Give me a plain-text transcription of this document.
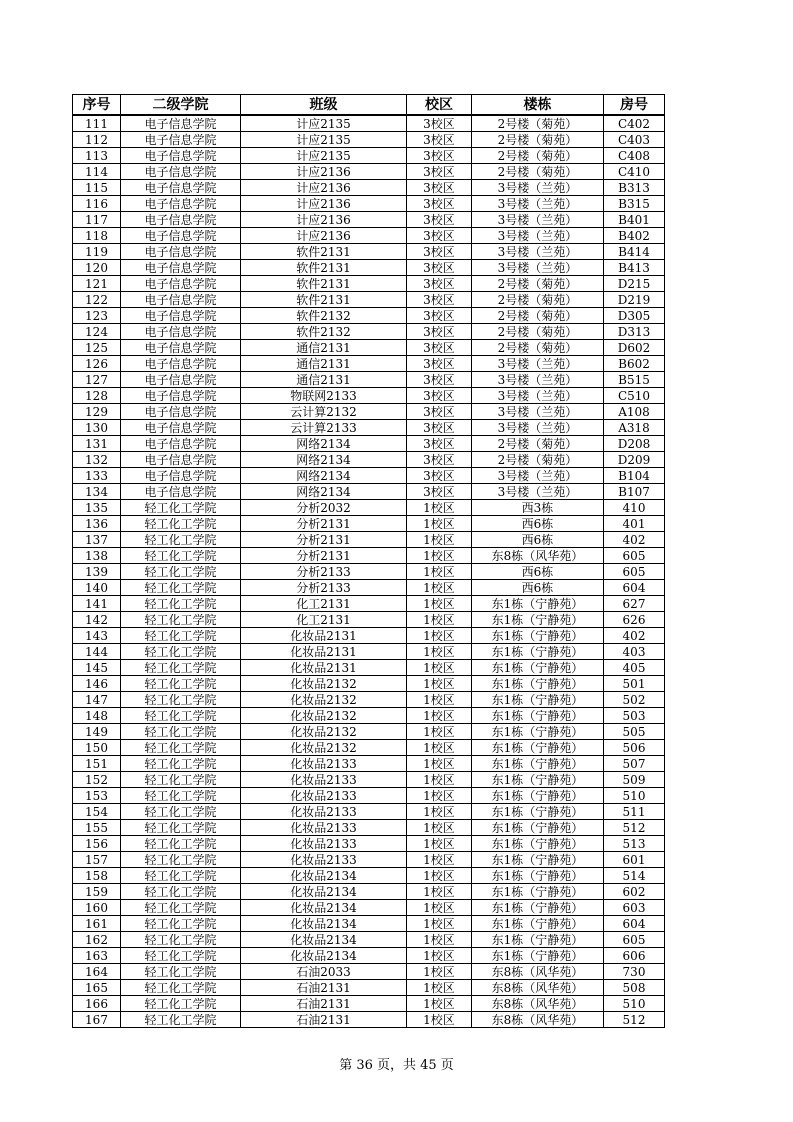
序号	二级学院	班级	校区	楼栋	房号
111	电子信息学院	计应2135	3校区	2号楼（菊苑）	C402
112	电子信息学院	计应2135	3校区	2号楼（菊苑）	C403
113	电子信息学院	计应2135	3校区	2号楼（菊苑）	C408
114	电子信息学院	计应2136	3校区	2号楼（菊苑）	C410
115	电子信息学院	计应2136	3校区	3号楼（兰苑）	B313
116	电子信息学院	计应2136	3校区	3号楼（兰苑）	B315
117	电子信息学院	计应2136	3校区	3号楼（兰苑）	B401
118	电子信息学院	计应2136	3校区	3号楼（兰苑）	B402
119	电子信息学院	软件2131	3校区	3号楼（兰苑）	B414
120	电子信息学院	软件2131	3校区	3号楼（兰苑）	B413
121	电子信息学院	软件2131	3校区	2号楼（菊苑）	D215
122	电子信息学院	软件2131	3校区	2号楼（菊苑）	D219
123	电子信息学院	软件2132	3校区	2号楼（菊苑）	D305
124	电子信息学院	软件2132	3校区	2号楼（菊苑）	D313
125	电子信息学院	通信2131	3校区	2号楼（菊苑）	D602
126	电子信息学院	通信2131	3校区	3号楼（兰苑）	B602
127	电子信息学院	通信2131	3校区	3号楼（兰苑）	B515
128	电子信息学院	物联网2133	3校区	3号楼（兰苑）	C510
129	电子信息学院	云计算2132	3校区	3号楼（兰苑）	A108
130	电子信息学院	云计算2133	3校区	3号楼（兰苑）	A318
131	电子信息学院	网络2134	3校区	2号楼（菊苑）	D208
132	电子信息学院	网络2134	3校区	2号楼（菊苑）	D209
133	电子信息学院	网络2134	3校区	3号楼（兰苑）	B104
134	电子信息学院	网络2134	3校区	3号楼（兰苑）	B107
135	轻工化工学院	分析2032	1校区	西3栋	410
136	轻工化工学院	分析2131	1校区	西6栋	401
137	轻工化工学院	分析2131	1校区	西6栋	402
138	轻工化工学院	分析2131	1校区	东8栋（风华苑）	605
139	轻工化工学院	分析2133	1校区	西6栋	605
140	轻工化工学院	分析2133	1校区	西6栋	604
141	轻工化工学院	化工2131	1校区	东1栋（宁静苑）	627
142	轻工化工学院	化工2131	1校区	东1栋（宁静苑）	626
143	轻工化工学院	化妆品2131	1校区	东1栋（宁静苑）	402
144	轻工化工学院	化妆品2131	1校区	东1栋（宁静苑）	403
145	轻工化工学院	化妆品2131	1校区	东1栋（宁静苑）	405
146	轻工化工学院	化妆品2132	1校区	东1栋（宁静苑）	501
147	轻工化工学院	化妆品2132	1校区	东1栋（宁静苑）	502
148	轻工化工学院	化妆品2132	1校区	东1栋（宁静苑）	503
149	轻工化工学院	化妆品2132	1校区	东1栋（宁静苑）	505
150	轻工化工学院	化妆品2132	1校区	东1栋（宁静苑）	506
151	轻工化工学院	化妆品2133	1校区	东1栋（宁静苑）	507
152	轻工化工学院	化妆品2133	1校区	东1栋（宁静苑）	509
153	轻工化工学院	化妆品2133	1校区	东1栋（宁静苑）	510
154	轻工化工学院	化妆品2133	1校区	东1栋（宁静苑）	511
155	轻工化工学院	化妆品2133	1校区	东1栋（宁静苑）	512
156	轻工化工学院	化妆品2133	1校区	东1栋（宁静苑）	513
157	轻工化工学院	化妆品2133	1校区	东1栋（宁静苑）	601
158	轻工化工学院	化妆品2134	1校区	东1栋（宁静苑）	514
159	轻工化工学院	化妆品2134	1校区	东1栋（宁静苑）	602
160	轻工化工学院	化妆品2134	1校区	东1栋（宁静苑）	603
161	轻工化工学院	化妆品2134	1校区	东1栋（宁静苑）	604
162	轻工化工学院	化妆品2134	1校区	东1栋（宁静苑）	605
163	轻工化工学院	化妆品2134	1校区	东1栋（宁静苑）	606
164	轻工化工学院	石油2033	1校区	东8栋（风华苑）	730
165	轻工化工学院	石油2131	1校区	东8栋（风华苑）	508
166	轻工化工学院	石油2131	1校区	东8栋（风华苑）	510
167	轻工化工学院	石油2131	1校区	东8栋（风华苑）	512
第 36 页，共 45 页
